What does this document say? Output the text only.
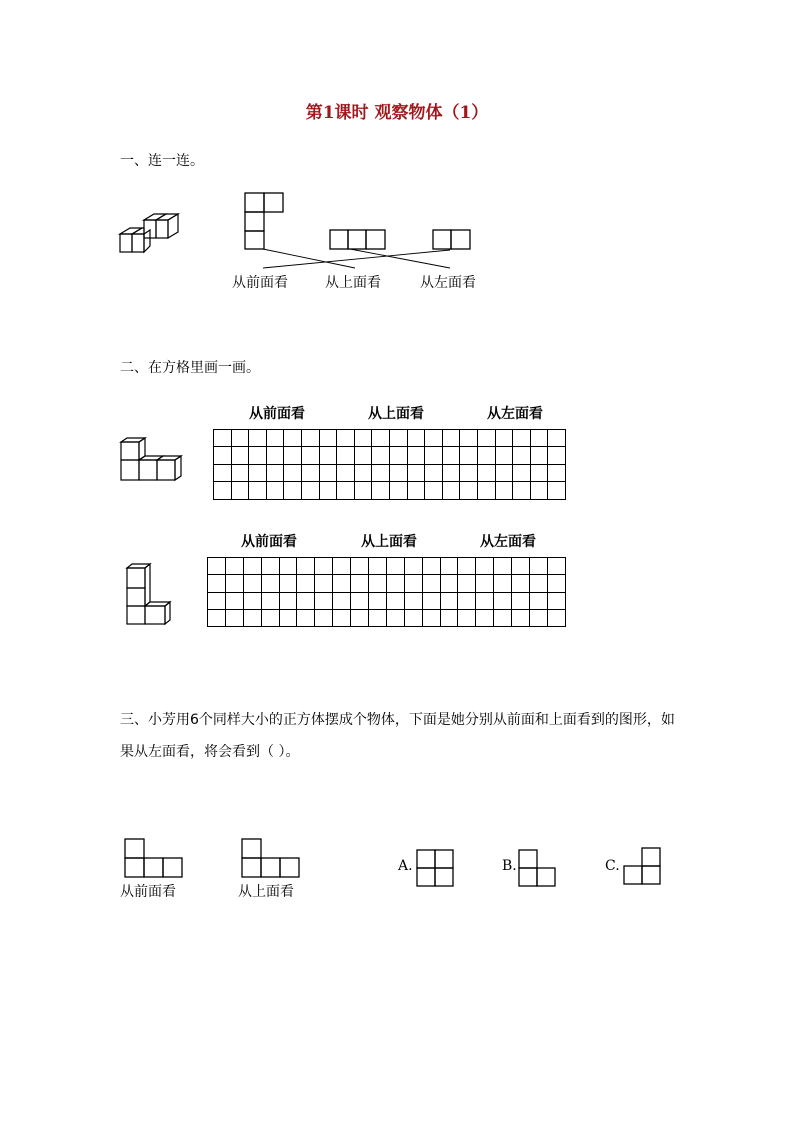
第1课时 观察物体（1）
一、连一连。
从前面看	从上面看	从左面看
二、在方格里画一画。
从前面看	从上面看	从左面看

从前面看	从上面看	从左面看

三、小芳用6个同样大小的正方体摆成个物体，下面是她分别从前面和上面看到的图形，如
果从左面看，将会看到（ ）。
从前面看	从上面看
A.	B.	C.
